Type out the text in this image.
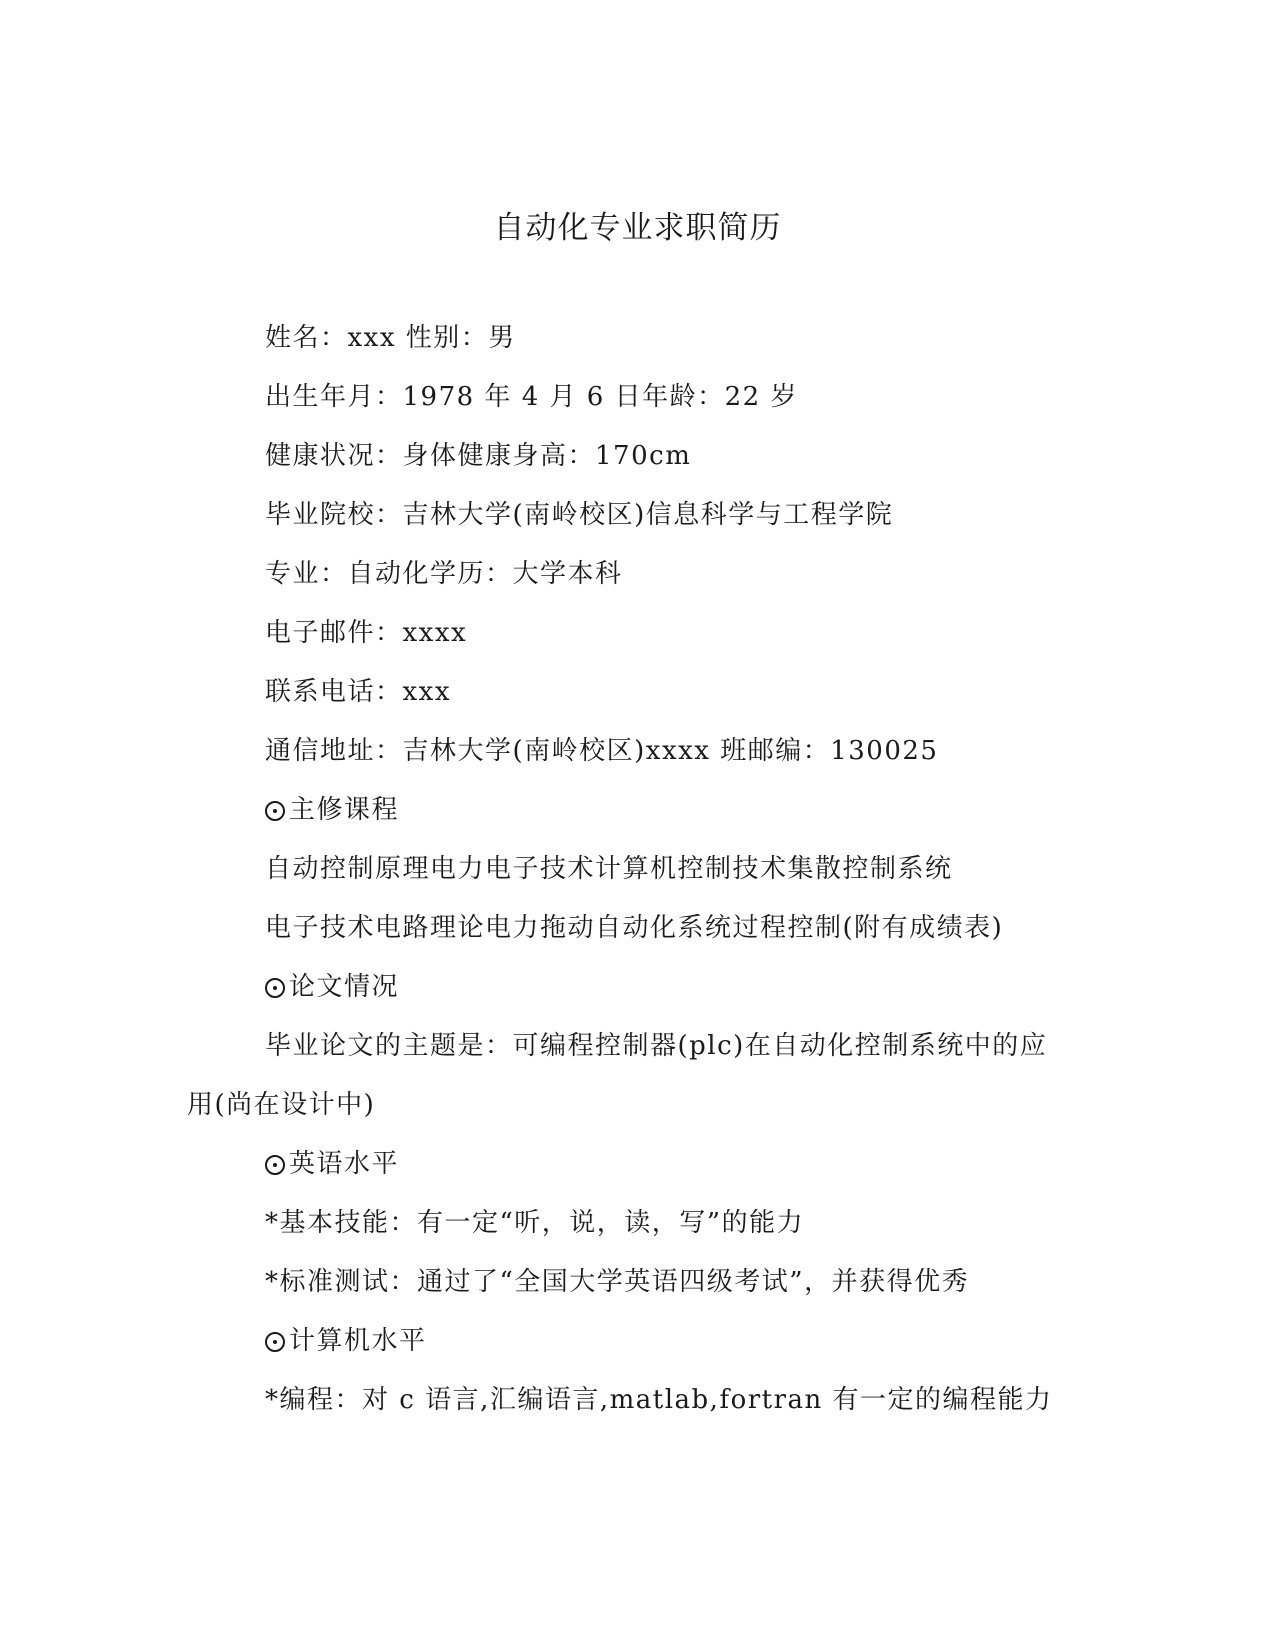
自动化专业求职简历

姓名：xxx 性别：男

出生年月：1978 年 4 月 6 日年龄：22 岁

健康状况：身体健康身高：170cm

毕业院校：吉林大学(南岭校区)信息科学与工程学院

专业：自动化学历：大学本科

电子邮件：xxxx

联系电话：xxx

通信地址：吉林大学(南岭校区)xxxx 班邮编：130025

主修课程

自动控制原理电力电子技术计算机控制技术集散控制系统

电子技术电路理论电力拖动自动化系统过程控制(附有成绩表)

论文情况

毕业论文的主题是：可编程控制器(plc)在自动化控制系统中的应

用(尚在设计中)

英语水平

*基本技能：有一定“听，说，读，写”的能力

*标准测试：通过了“全国大学英语四级考试”，并获得优秀

计算机水平

*编程：对 c 语言,汇编语言,matlab,fortran 有一定的编程能力
